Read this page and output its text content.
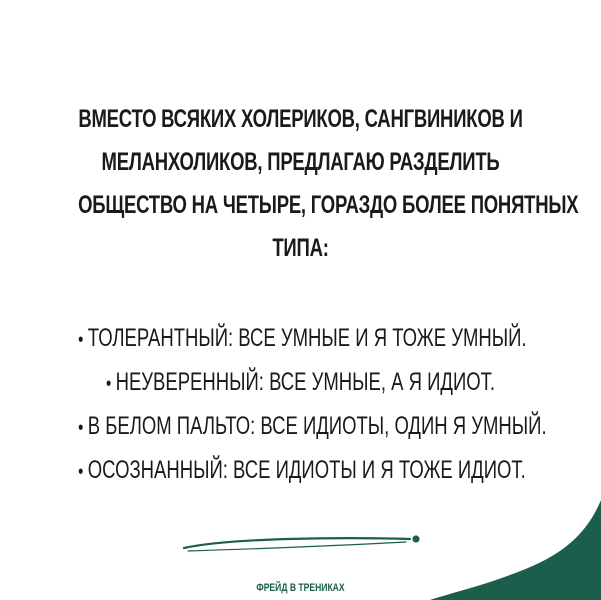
ВМЕСТО ВСЯКИХ ХОЛЕРИКОВ, САНГВИНИКОВ И
МЕЛАНХОЛИКОВ, ПРЕДЛАГАЮ РАЗДЕЛИТЬ
ОБЩЕСТВО НА ЧЕТЫРЕ, ГОРАЗДО БОЛЕЕ ПОНЯТНЫХ
ТИПА:
• ТОЛЕРАНТНЫЙ: ВСЕ УМНЫЕ И Я ТОЖЕ УМНЫЙ.
• НЕУВЕРЕННЫЙ: ВСЕ УМНЫЕ, А Я ИДИОТ.
• В БЕЛОМ ПАЛЬТО: ВСЕ ИДИОТЫ, ОДИН Я УМНЫЙ.
• ОСОЗНАННЫЙ: ВСЕ ИДИОТЫ И Я ТОЖЕ ИДИОТ.
ФРЕЙД В ТРЕНИКАХ
